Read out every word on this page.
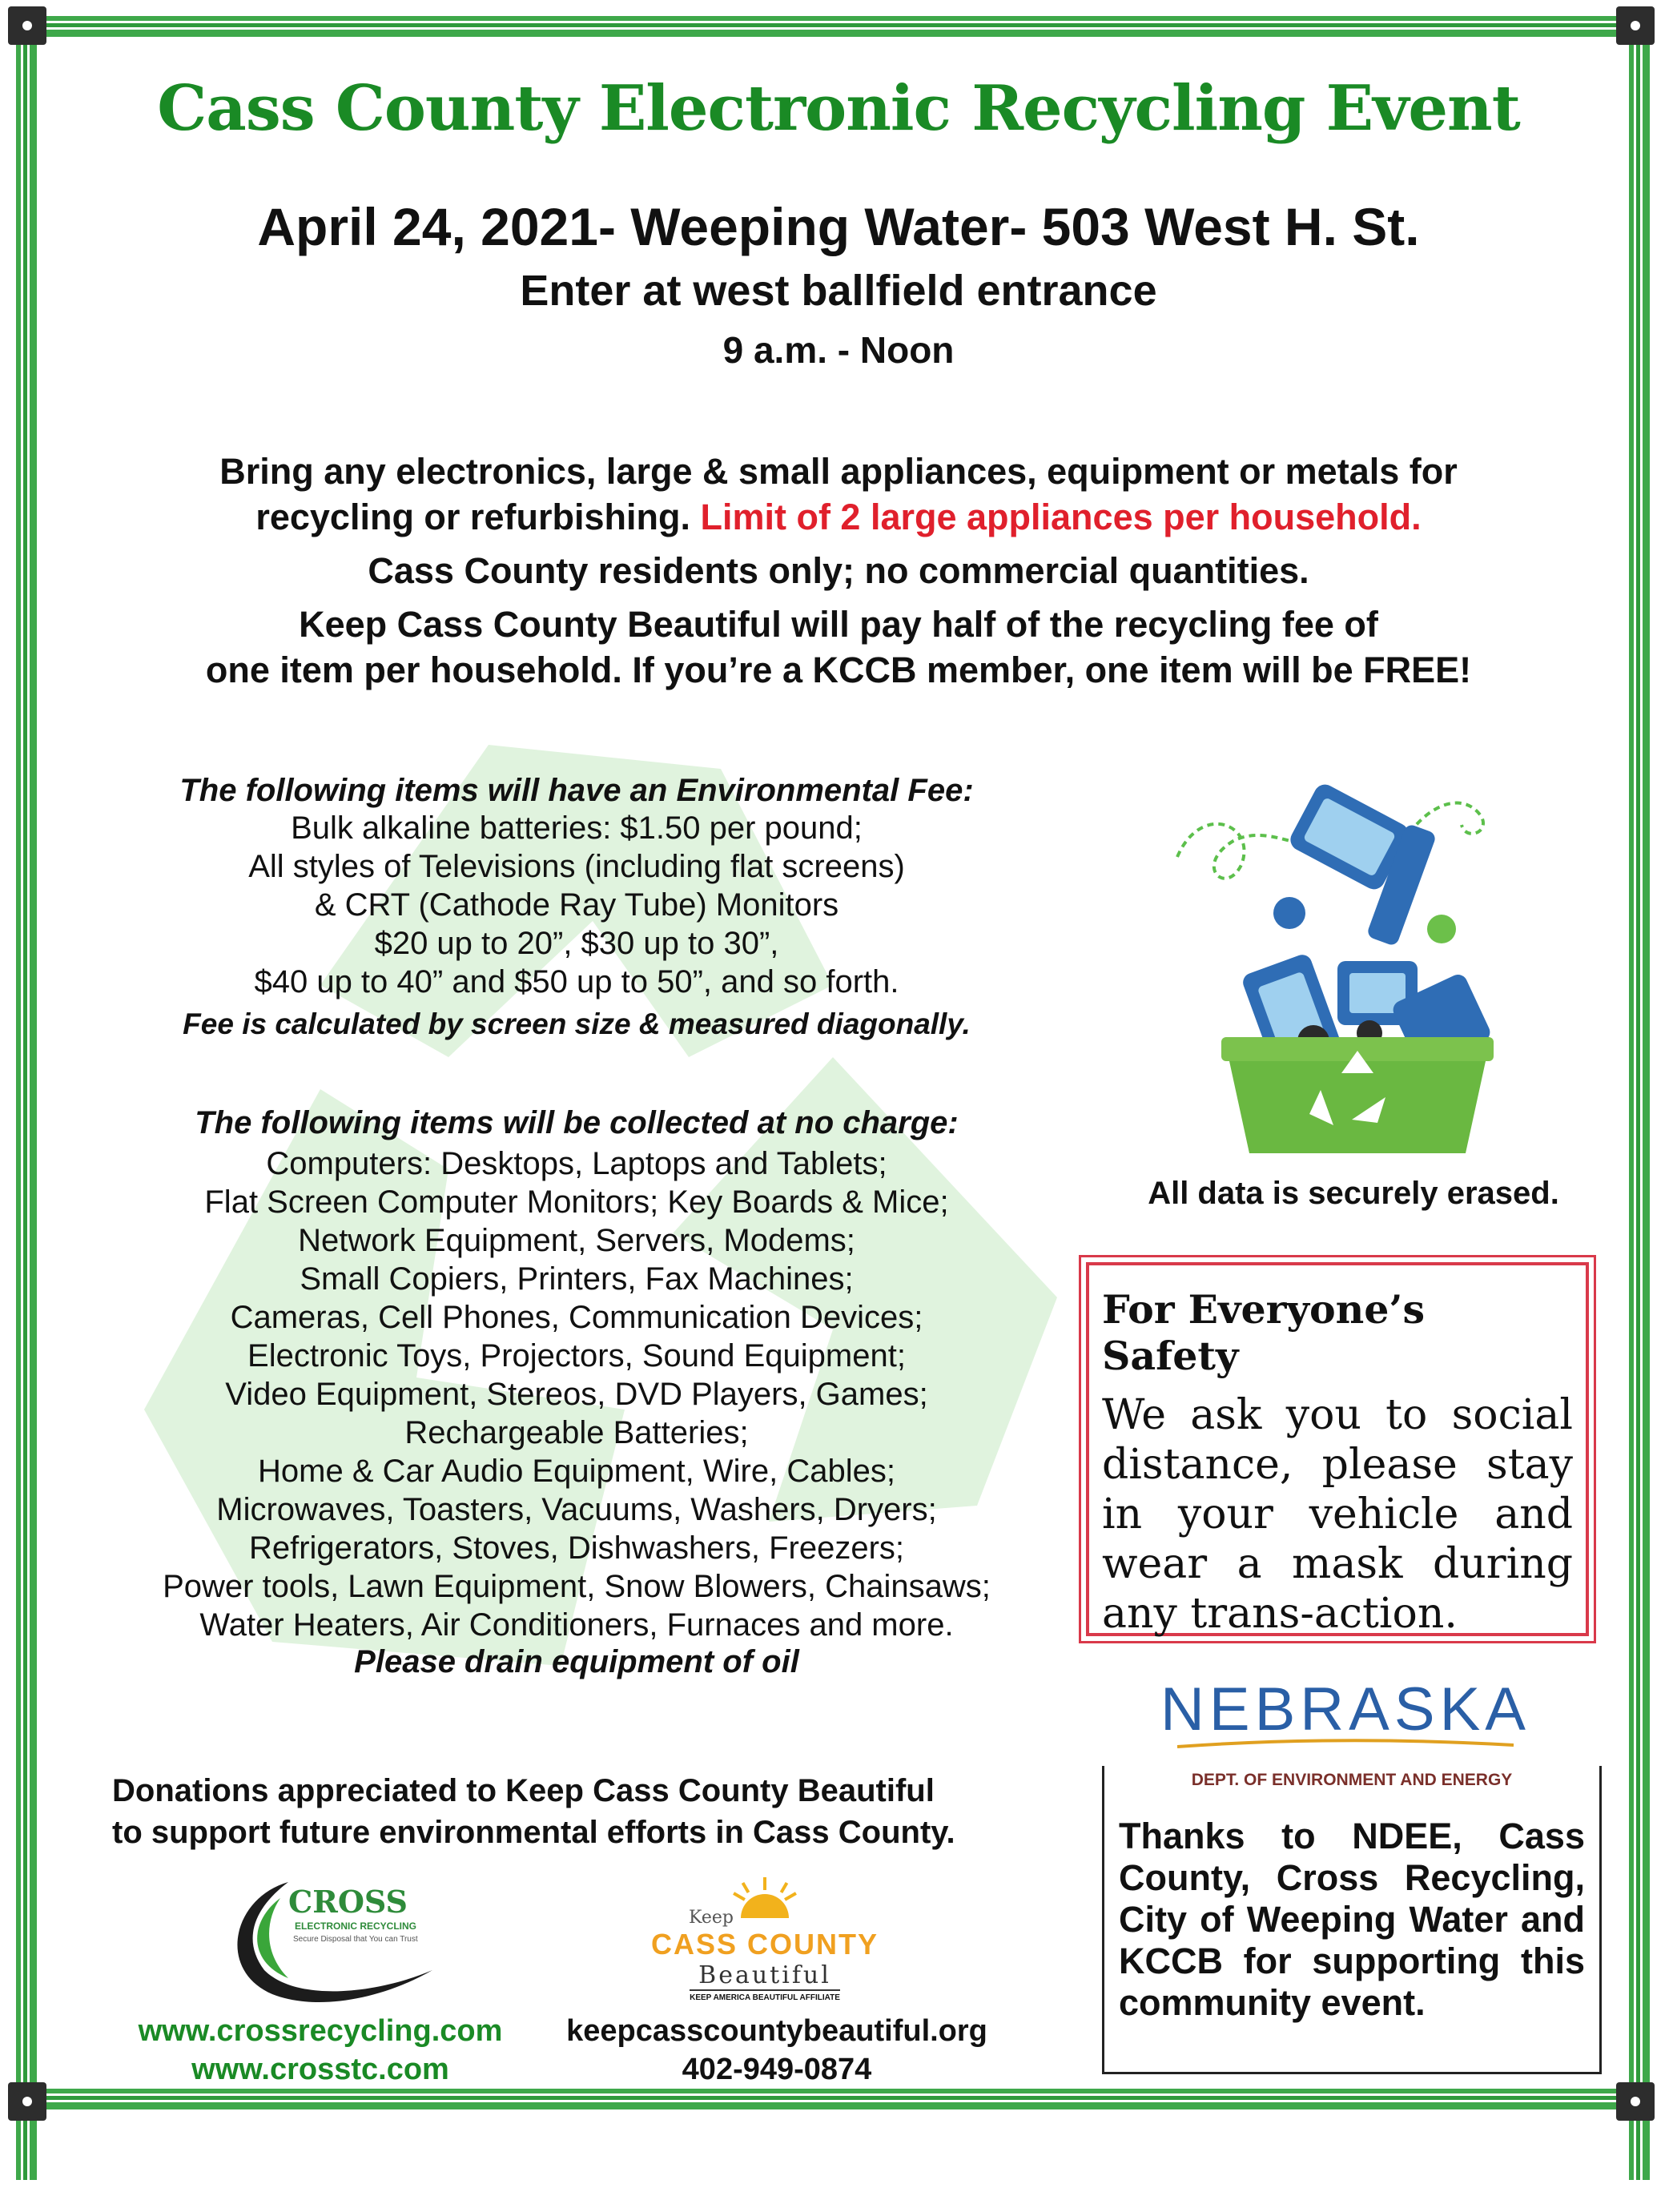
Cass County Electronic Recycling Event
April 24, 2021- Weeping Water- 503 West H. St.
Enter at west ballfield entrance
9 a.m. - Noon
Bring any electronics, large & small appliances, equipment or metals for
recycling or refurbishing. Limit of 2 large appliances per household.
Cass County residents only; no commercial quantities.
Keep Cass County Beautiful will pay half of the recycling fee of
one item per household. If you’re a KCCB member, one item will be FREE!
The following items will have an Environmental Fee:
Bulk alkaline batteries: $1.50 per pound;
All styles of Televisions (including flat screens)
& CRT (Cathode Ray Tube) Monitors
$20 up to 20”, $30 up to 30”,
$40 up to 40” and $50 up to 50”, and so forth.
Fee is calculated by screen size & measured diagonally.
The following items will be collected at no charge:
Computers: Desktops, Laptops and Tablets;
Flat Screen Computer Monitors; Key Boards & Mice;
Network Equipment, Servers, Modems;
Small Copiers, Printers, Fax Machines;
Cameras, Cell Phones, Communication Devices;
Electronic Toys, Projectors, Sound Equipment;
Video Equipment, Stereos, DVD Players, Games;
Rechargeable Batteries;
Home & Car Audio Equipment, Wire, Cables;
Microwaves, Toasters, Vacuums, Washers, Dryers;
Refrigerators, Stoves, Dishwashers, Freezers;
Power tools, Lawn Equipment, Snow Blowers, Chainsaws;
Water Heaters, Air Conditioners, Furnaces and more.
Please drain equipment of oil
All data is securely erased.
For Everyone’s Safety
We ask you to social distance, please stay in your vehicle and wear a mask during any trans-action.
NEBRASKA
DEPT. OF ENVIRONMENT AND ENERGY
Thanks to NDEE, Cass County, Cross Recycling, City of Weeping Water and KCCB for supporting this community event.
Donations appreciated to Keep Cass County Beautiful
to support future environmental efforts in Cass County.
CROSS
ELECTRONIC RECYCLING
Secure Disposal that You can Trust
Keep
CASS COUNTY
Beautiful
KEEP AMERICA BEAUTIFUL AFFILIATE
www.crossrecycling.com
www.crosstc.com
keepcasscountybeautiful.org
402-949-0874
